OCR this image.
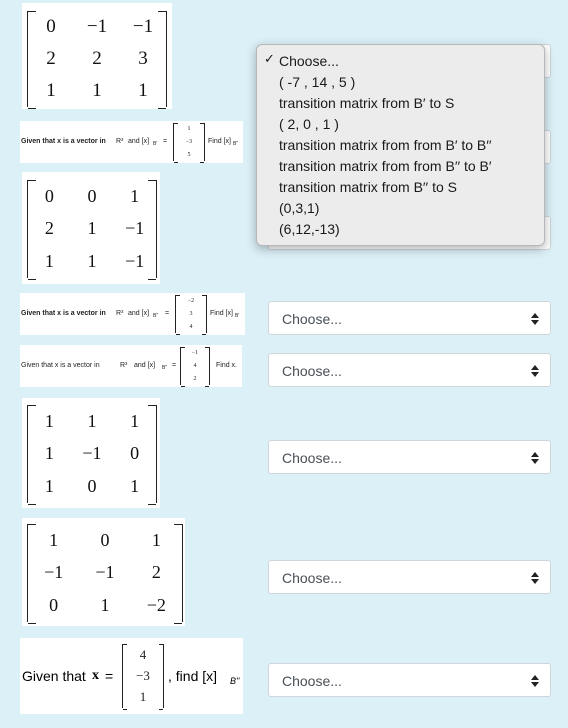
0 −1 −1
2 2 3
1 1 1
Given that x is a vector in R³ and [x] B' =
1
−3
5
Find [x] B''
0 0 1
2 1 −1
1 1 −1
Given that x is a vector in R³ and [x] B'' =
−2
3
4
Find [x] B'
Given that x is a vector in	R³ and [x] B'' =
−1
4
2
Find x.
1 1 1
1 −1 0
1 0 1
1 0 1
−1 −1 2
0 1 −2
Given that x =
4
−3
1
, find [x] B''
Choose...
Choose...
Choose...
Choose...
Choose...
✓ Choose...
( -7 , 14 , 5 )
transition matrix from B′ to S
( 2, 0 , 1 )
transition matrix from from B′ to B′′
transition matrix from from B′′ to B′
transition matrix from B′′ to S
(0,3,1)
(6,12,-13)
